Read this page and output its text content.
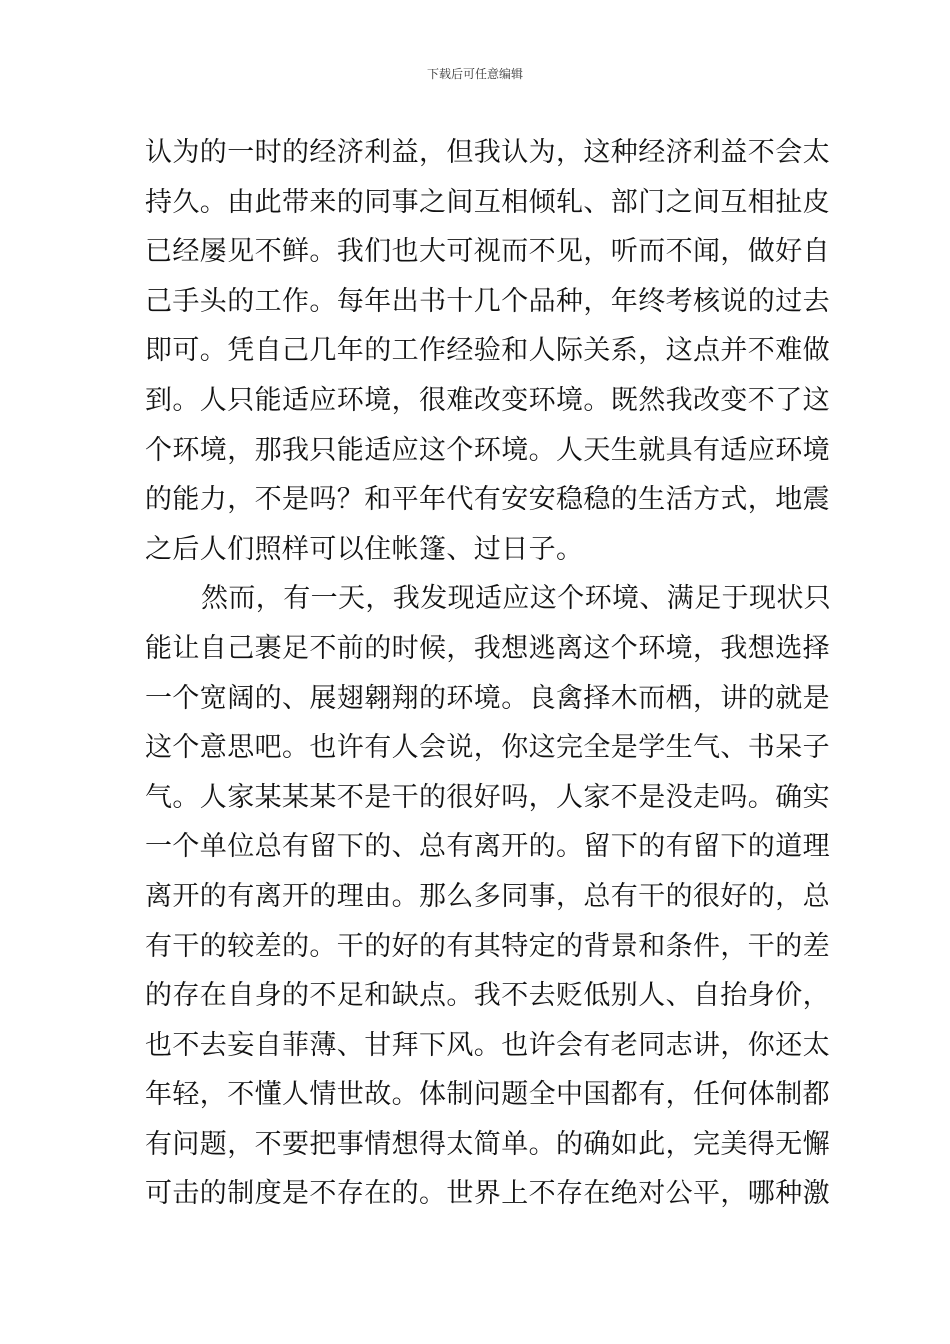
下载后可任意编辑
认为的一时的经济利益，但我认为，这种经济利益不会太
持久。由此带来的同事之间互相倾轧、部门之间互相扯皮
已经屡见不鲜。我们也大可视而不见，听而不闻，做好自
己手头的工作。每年出书十几个品种，年终考核说的过去
即可。凭自己几年的工作经验和人际关系，这点并不难做
到。人只能适应环境，很难改变环境。既然我改变不了这
个环境，那我只能适应这个环境。人天生就具有适应环境
的能力，不是吗？和平年代有安安稳稳的生活方式，地震
之后人们照样可以住帐篷、过日子。
然而，有一天，我发现适应这个环境、满足于现状只
能让自己裹足不前的时候，我想逃离这个环境，我想选择
一个宽阔的、展翅翱翔的环境。良禽择木而栖，讲的就是
这个意思吧。也许有人会说，你这完全是学生气、书呆子
气。人家某某某不是干的很好吗，人家不是没走吗。确实
一个单位总有留下的、总有离开的。留下的有留下的道理
离开的有离开的理由。那么多同事，总有干的很好的，总
有干的较差的。干的好的有其特定的背景和条件，干的差
的存在自身的不足和缺点。我不去贬低别人、自抬身价，
也不去妄自菲薄、甘拜下风。也许会有老同志讲，你还太
年轻，不懂人情世故。体制问题全中国都有，任何体制都
有问题，不要把事情想得太简单。的确如此，完美得无懈
可击的制度是不存在的。世界上不存在绝对公平，哪种激
